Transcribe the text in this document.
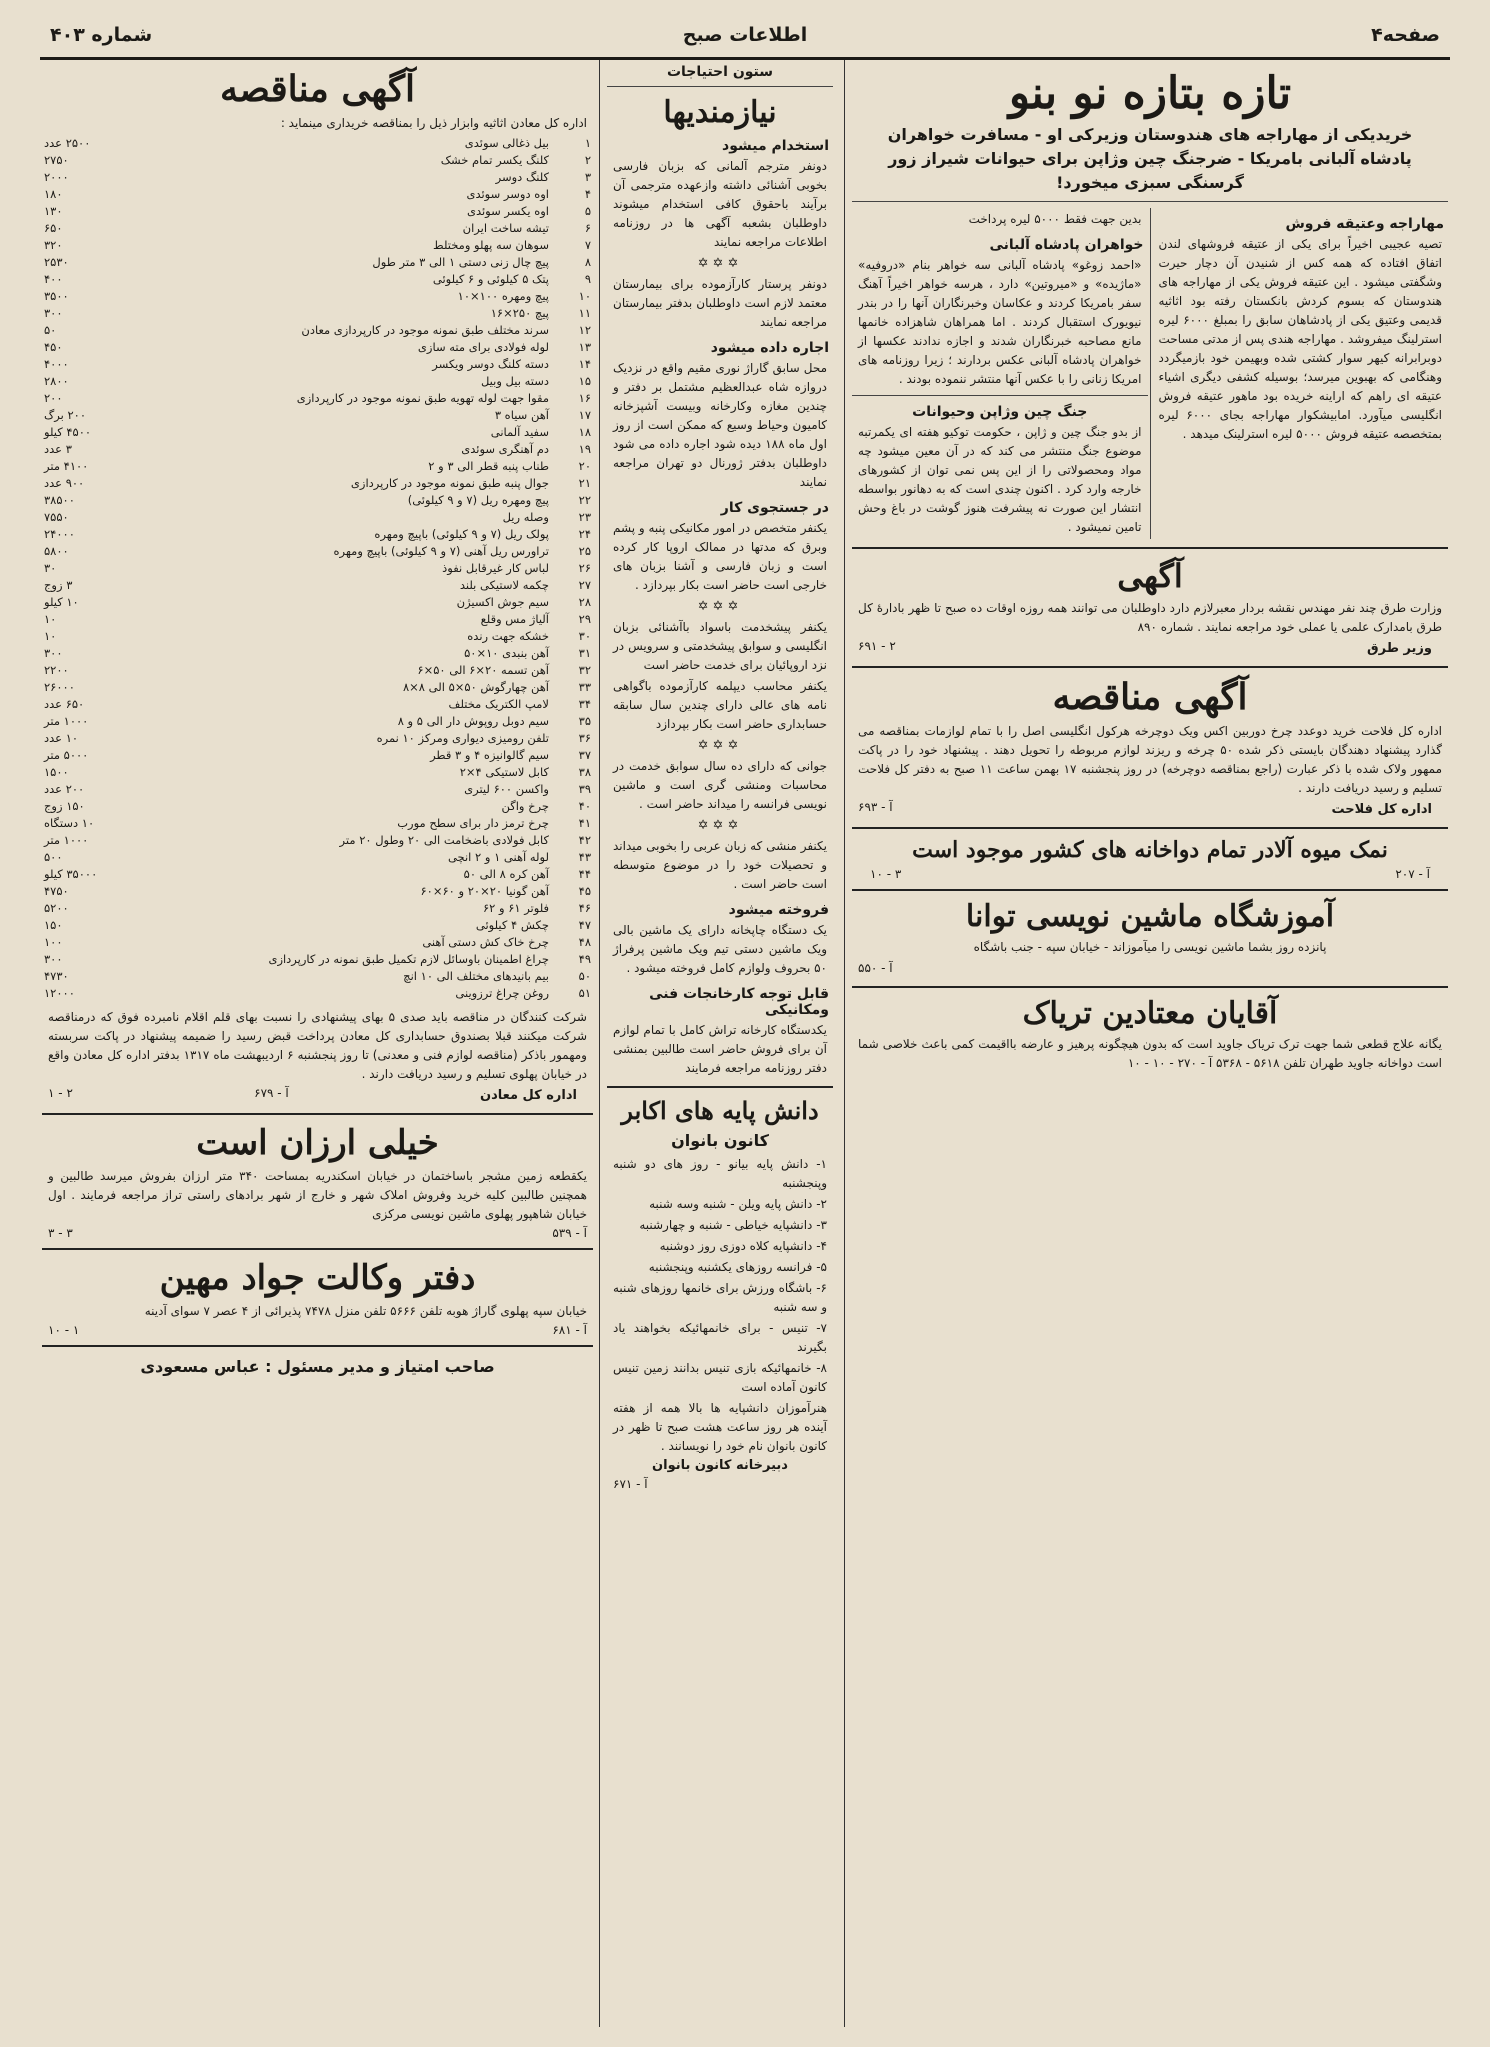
صفحه۴
اطلاعات صبح
شماره ۴۰۳
تازه بتازه نو بنو
خریدیکی از مهاراجه های هندوستان وزیرکی او - مسافرت خواهران پادشاه آلبانی بامریکا - ضرجنگ چین وژاپن برای حیوانات شیراز زور گرسنگی سبزی میخورد!
مهاراجه وعتیقه فروش

تصیه عجیبی اخیراً برای یکی از عتیقه فروشهای لندن اتفاق افتاده که همه کس از شنیدن آن دچار حیرت وشگفتی میشود . این عتیقه فروش یکی از مهاراجه های هندوستان که بسوم کردش بانکستان رفته بود اثاثیه قدیمی وعتیق یکی از پادشاهان سابق را بمبلغ ۶۰۰۰ لیره استرلینگ میفروشد . مهاراجه هندی پس از مدتی مساحت دوبرابرانه کیهر سوار کشتی شده وبهیمن خود بازمیگردد وهنگامی که بهبوین میرسد؛ بوسیله کشفی دیگری اشیاء عتیقه ای راهم که اراینه خریده بود ماهور عتیقه فروش انگلیسی میآورد. امابیشکوار مهاراجه بجای ۶۰۰۰ لیره بمتخصصه عتیقه فروش ۵۰۰۰ لیره استرلینک میدهد .

بدین جهت فقط ۵۰۰۰ لیره پرداخت

خواهران پادشاه آلبانی

«احمد زوغو» پادشاه آلبانی سه خواهر بنام «دروفیه» «ماژیده» و «میروتین» دارد ، هرسه خواهر اخیراً آهنگ سفر بامریکا کردند و عکاسان وخبرنگاران آنها را در بندر نیویورک استقبال کردند . اما همراهان شاهزاده خانمها مانع مصاحبه خبرنگاران شدند و اجازه ندادند عکسها از خواهران پادشاه آلبانی عکس بردارند ؛ زیرا روزنامه های امریکا زنانی را با عکس آنها منتشر ننموده بودند .

جنگ چین وژاپن وحیوانات

از بدو جنگ چین و ژاپن ، حکومت توکیو هفته ای یکمرتبه موضوع جنگ منتشر می کند که در آن معین میشود چه مواد ومحصولاتی را از این پس نمی توان از کشورهای خارجه وارد کرد . اکنون چندی است که به دهانور بواسطه انتشار این صورت نه پیشرفت هنوز گوشت در باغ وحش تامین نمیشود .

آگهی

وزارت طرق چند نفر مهندس نقشه بردار معبرلازم دارد داوطلبان می توانند همه روزه اوقات ده صبح تا ظهر بادارۀ کل طرق بامدارک علمی یا عملی خود مراجعه نمایند . شماره ۸۹۰

وزیر طرق
۲ - ۶۹۱
آگهی مناقصه

اداره کل فلاحت خرید دوعدد چرخ دوربین اکس ویک دوچرخه هرکول انگلیسی اصل را با تمام لوازمات بمناقصه می گذارد پیشنهاد دهندگان بایستی ذکر شده ۵۰ چرخه و ریزند لوازم مربوطه را تحویل دهند . پیشنهاد خود را در پاکت ممهور ولاک شده با ذکر عبارت (راجع بمناقصه دوچرخه) در روز پنجشنبه ۱۷ بهمن ساعت ۱۱ صبح به دفتر کل فلاحت تسلیم و رسید دریافت دارند .

اداره کل فلاحت
آ - ۶۹۳
نمک میوه آلادر تمام دواخانه های کشور موجود است
آ - ۲۰۷
۳ - ۱۰
آموزشگاه ماشین نویسی توانا

پانزده روز بشما ماشین نویسی را میآموزاند - خیابان سپه - جنب باشگاه

آ - ۵۵۰

آقایان معتادین تریاک

یگانه علاج قطعی شما جهت ترک تریاک جاوید است که بدون هیچگونه پرهیز و عارضه بااقیمت کمی باعث خلاصی شما است دواخانه جاوید طهران تلفن ۵۶۱۸ - ۵۳۶۸ آ - ۲۷۰ - ۱۰ - ۱۰

ستون احتیاجات
نیازمندیها
استخدام میشود

دونفر مترجم آلمانی که بزبان فارسی بخوبی آشنائی داشته وازعهده مترجمی آن برآیند باحقوق کافی استخدام میشوند داوطلبان بشعبه آگهی ها در روزنامه اطلاعات مراجعه نمایند

✡✡✡

دونفر پرستار کارآزموده برای بیمارستان معتمد لازم است داوطلبان بدفتر بیمارستان مراجعه نمایند

اجاره داده میشود

محل سابق گاراژ نوری مقیم واقع در نزدیک دروازه شاه عبدالعظیم مشتمل بر دفتر و چندین مغازه وکارخانه وبیست آشپزخانه کامیون وحیاط وسیع که ممکن است از روز اول ماه ۱۸۸ دیده شود اجاره داده می شود داوطلبان بدفتر ژورنال دو تهران مراجعه نمایند

در جستجوی کار

یکنفر متخصص در امور مکانیکی پنبه و پشم وبرق که مدتها در ممالک اروپا کار کرده است و زبان فارسی و آشنا بزبان های خارجی است حاضر است بکار بپردازد .

✡✡✡

یکنفر پیشخدمت باسواد باآشنائی بزبان انگلیسی و سوابق پیشخدمتی و سرویس در نزد اروپائیان برای خدمت حاضر است

یکنفر محاسب دیپلمه کارآزموده باگواهی نامه های عالی دارای چندین سال سابقه حسابداری حاضر است بکار بپردازد

✡✡✡

جوانی که دارای ده سال سوابق خدمت در محاسبات ومنشی گری است و ماشین نویسی فرانسه را میداند حاضر است .

✡✡✡

یکنفر منشی که زبان عربی را بخوبی میداند و تحصیلات خود را در موضوع متوسطه است حاضر است .

فروخته میشود

یک دستگاه چاپخانه دارای یک ماشین بالی ویک ماشین دستی تیم ویک ماشین پرفراژ ۵۰ بحروف ولوازم کامل فروخته میشود .

قابل توجه کارخانجات فنی ومکانیکی

یکدستگاه کارخانه تراش کامل با تمام لوازم آن برای فروش حاضر است طالبین بمنشی دفتر روزنامه مراجعه فرمایند

دانش پایه های اکابر
کانون بانوان

۱- دانش پایه بیانو - روز های دو شنبه وپنجشنبه

۲- دانش پایه ویلن - شنبه وسه شنبه

۳- دانشپایه خیاطی - شنبه و چهارشنبه

۴- دانشپایه کلاه دوزی روز دوشنبه

۵- فرانسه روزهای یکشنبه وپنجشنبه

۶- باشگاه ورزش برای خانمها روزهای شنبه و سه شنبه

۷- تنیس - برای خانمهائیکه بخواهند یاد بگیرند

۸- خانمهائیکه بازی تنیس بدانند زمین تنیس کانون آماده است

هنرآموزان دانشپایه ها بالا همه از هفته آینده هر روز ساعت هشت صبح تا ظهر در کانون بانوان نام خود را نویسانند .

دبیرخانه کانون بانوان

آ - ۶۷۱

آگهی مناقصه

اداره کل معادن اثاثیه وابزار ذیل را بمناقصه خریداری مینماید :

۱	بیل ذغالی سوئدی	۲۵۰۰ عدد
۲	کلنگ یکسر تمام خشک	۲۷۵۰
۳	کلنگ دوسر	۲۰۰۰
۴	اوه دوسر سوئدی	۱۸۰
۵	اوه یکسر سوئدی	۱۳۰
۶	تیشه ساخت ایران	۶۵۰
۷	سوهان سه پهلو ومختلط	۳۲۰
۸	پیچ چال زنی دستی ۱ الی ۳ متر طول	۲۵۳۰
۹	پتک ۵ کیلوئی و ۶ کیلوئی	۴۰۰
۱۰	پیچ ومهره ۱۰۰×۱۰	۳۵۰۰
۱۱	پیچ ۲۵۰×۱۶	۳۰۰
۱۲	سرند مختلف طبق نمونه موجود در کارپردازی معادن	۵۰
۱۳	لوله فولادی برای مته سازی	۴۵۰
۱۴	دسته کلنگ دوسر ویکسر	۴۰۰۰
۱۵	دسته بیل وبیل	۲۸۰۰
۱۶	مقوا جهت لوله تهویه طبق نمونه موجود در کارپردازی	۲۰۰
۱۷	آهن سیاه ۳	۲۰۰ برگ
۱۸	سفید آلمانی	۴۵۰۰ کیلو
۱۹	دم آهنگری سوئدی	۳ عدد
۲۰	طناب پنبه قطر الی ۳ و ۲	۴۱۰۰ متر
۲۱	جوال پنبه طبق نمونه موجود در کارپردازی	۹۰۰ عدد
۲۲	پیچ ومهره ریل (۷ و ۹ کیلوئی)	۳۸۵۰۰
۲۳	وصله ریل	۷۵۵۰
۲۴	پولک ریل (۷ و ۹ کیلوئی) باپیچ ومهره	۲۴۰۰۰
۲۵	تراورس ریل آهنی (۷ و ۹ کیلوئی) باپیچ ومهره	۵۸۰۰
۲۶	لباس کار غیرقابل نفوذ	۳۰
۲۷	چکمه لاستیکی بلند	۳ زوج
۲۸	سیم جوش اکسیژن	۱۰ کیلو
۲۹	آلیاژ مس وقلع	۱۰
۳۰	خشکه جهت رنده	۱۰
۳۱	آهن بنبدی ۱۰×۵۰	۳۰۰
۳۲	آهن تسمه ۲۰×۶ الی ۵۰×۶	۲۲۰۰
۳۳	آهن چهارگوش ۵۰×۵ الی ۸×۸	۲۶۰۰۰
۳۴	لامپ الکتریک مختلف	۶۵۰ عدد
۳۵	سیم دوبل روپوش دار الی ۵ و ۸	۱۰۰۰ متر
۳۶	تلفن رومیزی دیواری ومرکز ۱۰ نمره	۱۰ عدد
۳۷	سیم گالوانیزه ۴ و ۳ قطر	۵۰۰۰ متر
۳۸	کابل لاستیکی ۴×۲	۱۵۰۰
۳۹	واکسن ۶۰۰ لیتری	۲۰۰ عدد
۴۰	چرخ واگن	۱۵۰ زوج
۴۱	چرخ ترمز دار برای سطح مورب	۱۰ دستگاه
۴۲	کابل فولادی باضخامت الی ۲۰ وطول ۲۰ متر	۱۰۰۰ متر
۴۳	لوله آهنی ۱ و ۲ انچی	۵۰۰
۴۴	آهن کره ۸ الی ۵۰	۳۵۰۰۰ کیلو
۴۵	آهن گونیا ۲۰×۲۰ و ۶۰×۶۰	۴۷۵۰
۴۶	فلوتر ۶۱ و ۶۲	۵۲۰۰
۴۷	چکش ۴ کیلوئی	۱۵۰
۴۸	چرخ خاک کش دستی آهنی	۱۰۰
۴۹	چراغ اطمینان باوسائل لازم تکمیل طبق نمونه در کارپردازی	۳۰۰
۵۰	بیم بانیدهای مختلف الی ۱۰ انچ	۴۷۳۰
۵۱	روغن چراغ ترزوینی	۱۲۰۰۰

شرکت کنندگان در مناقصه باید صدی ۵ بهای پیشنهادی را نسبت بهای قلم اقلام نامبرده فوق که درمناقصه شرکت میکنند قبلا بصندوق حسابداری کل معادن پرداخت قبض رسید را ضمیمه پیشنهاد در پاکت سربسته ومهمور باذکر (مناقصه لوازم فنی و معدنی) تا روز پنجشنبه ۶ اردیبهشت ماه ۱۳۱۷ بدفتر اداره کل معادن واقع در خیابان پهلوی تسلیم و رسید دریافت دارند .

اداره کل معادن
آ - ۶۷۹
۲ - ۱
خیلی ارزان است

یکقطعه زمین مشجر باساختمان در خیابان اسکندریه بمساحت ۳۴۰ متر ارزان بفروش میرسد طالبین و همچنین طالبین کلیه خرید وفروش املاک شهر و خارج از شهر برادهای راستی تراز مراجعه فرمایند . اول خیابان شاهپور پهلوی ماشین نویسی مرکزی

آ - ۵۳۹
۳ - ۳
دفتر وکالت جواد مهین

خیابان سپه پهلوی گاراژ هوبه تلفن ۵۶۶۶ تلفن منزل ۷۴۷۸ پذیرائی از ۴ عصر ۷ سوای آدینه

آ - ۶۸۱
۱ - ۱۰
صاحب امتیاز و مدیر مسئول : عباس مسعودی
